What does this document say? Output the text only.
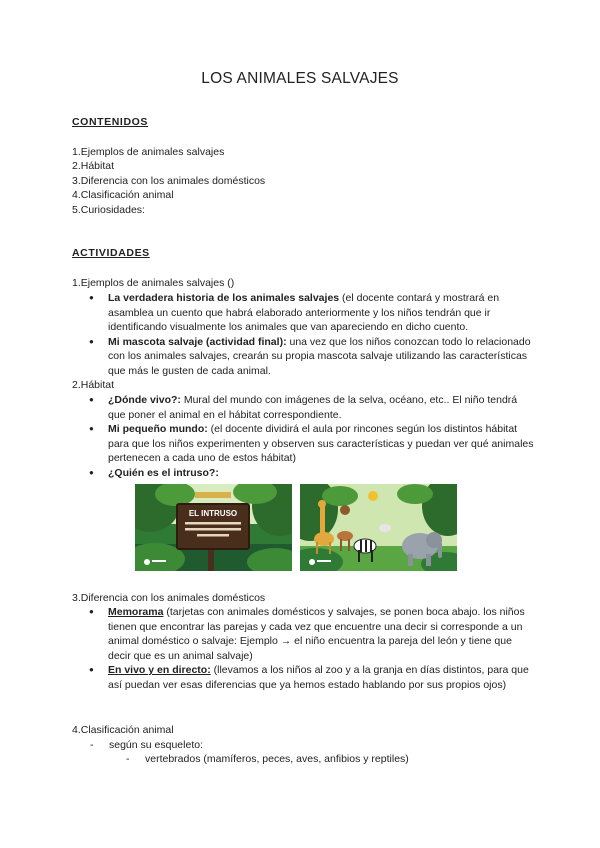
LOS ANIMALES SALVAJES
CONTENIDOS
1.Ejemplos de animales salvajes
2.Hábitat
3.Diferencia con los animales domésticos
4.Clasificación animal
5.Curiosidades:
ACTIVIDADES
1.Ejemplos de animales salvajes ()
● La verdadera historia de los animales salvajes (el docente contará y mostrará en asamblea un cuento que habrá elaborado anteriormente y los niños tendrán que ir identificando visualmente los animales que van apareciendo en dicho cuento.
● Mi mascota salvaje (actividad final): una vez que los niños conozcan todo lo relacionado con los animales salvajes, crearán su propia mascota salvaje utilizando las características que más le gusten de cada animal.
2.Hábitat
● ¿Dónde vivo?: Mural del mundo con imágenes de la selva, océano, etc.. El niño tendrá que poner el animal en el hábitat correspondiente.
● Mi pequeño mundo: (el docente dividirá el aula por rincones según los distintos hábitat para que los niños experimenten y observen sus características y puedan ver qué animales pertenecen a cada uno de estos hábitat)
● ¿Quién es el intruso?:
EL INTRUSO
3.Diferencia con los animales domésticos
● Memorama (tarjetas con animales domésticos y salvajes, se ponen boca abajo. los niños tienen que encontrar las parejas y cada vez que encuentre una decir si corresponde a un animal doméstico o salvaje: Ejemplo → el niño encuentra la pareja del león y tiene que decir que es un animal salvaje)
● En vivo y en directo: (llevamos a los niños al zoo y a la granja en días distintos, para que así puedan ver esas diferencias que ya hemos estado hablando por sus propios ojos)
4.Clasificación animal
- según su esqueleto:
- vertebrados (mamíferos, peces, aves, anfibios y reptiles)
